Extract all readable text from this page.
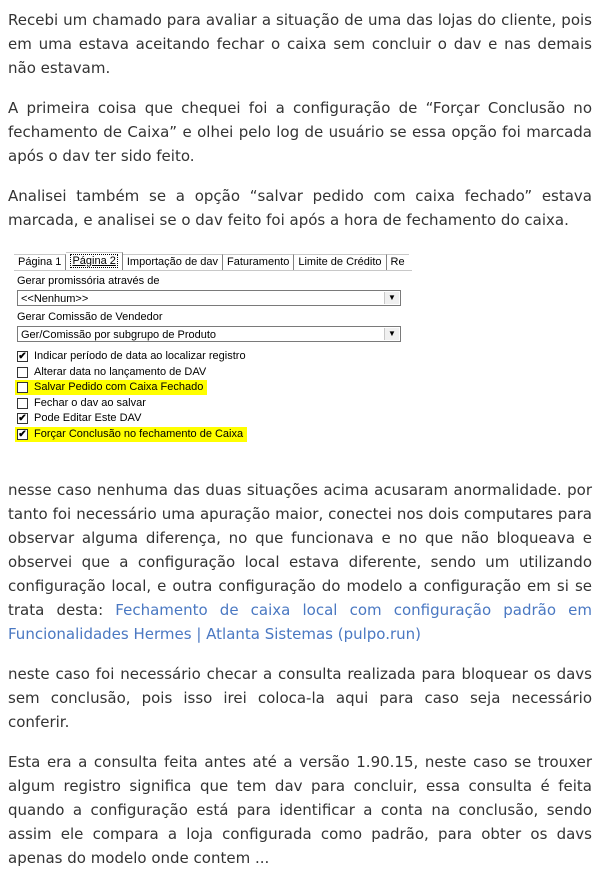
Recebi um chamado para avaliar a situação de uma das lojas do cliente, pois em uma estava aceitando fechar o caixa sem concluir o dav e nas demais não estavam.

A primeira coisa que chequei foi a configuração de “Forçar Conclusão no fechamento de Caixa” e olhei pelo log de usuário se essa opção foi marcada após o dav ter sido feito.

Analisei também se a opção “salvar pedido com caixa fechado” estava marcada, e analisei se o dav feito foi após a hora de fechamento do caixa.

Página 1	Página 2	Importação de dav Faturamento Limite de Crédito Re
Gerar promissória através de
<<Nenhum>>	▼
Gerar Comissão de Vendedor
Ger/Comissão por subgrupo de Produto	▼
✔ Indicar período de data ao localizar registro
Alterar data no lançamento de DAV
Salvar Pedido com Caixa Fechado
Fechar o dav ao salvar
✔ Pode Editar Este DAV
✔ Forçar Conclusão no fechamento de Caixa

nesse caso nenhuma das duas situações acima acusaram anormalidade. por tanto foi necessário uma apuração maior, conectei nos dois computares para observar alguma diferença, no que funcionava e no que não bloqueava e observei que a configuração local estava diferente, sendo um utilizando configuração local, e outra configuração do modelo a configuração em si se trata desta: Fechamento de caixa local com configuração padrão em Funcionalidades Hermes | Atlanta Sistemas (pulpo.run)

neste caso foi necessário checar a consulta realizada para bloquear os davs sem conclusão, pois isso irei coloca-la aqui para caso seja necessário conferir.

Esta era a consulta feita antes até a versão 1.90.15, neste caso se trouxer algum registro significa que tem dav para concluir, essa consulta é feita quando a configuração está para identificar a conta na conclusão, sendo assim ele compara a loja configurada como padrão, para obter os davs apenas do modelo onde contem ...
